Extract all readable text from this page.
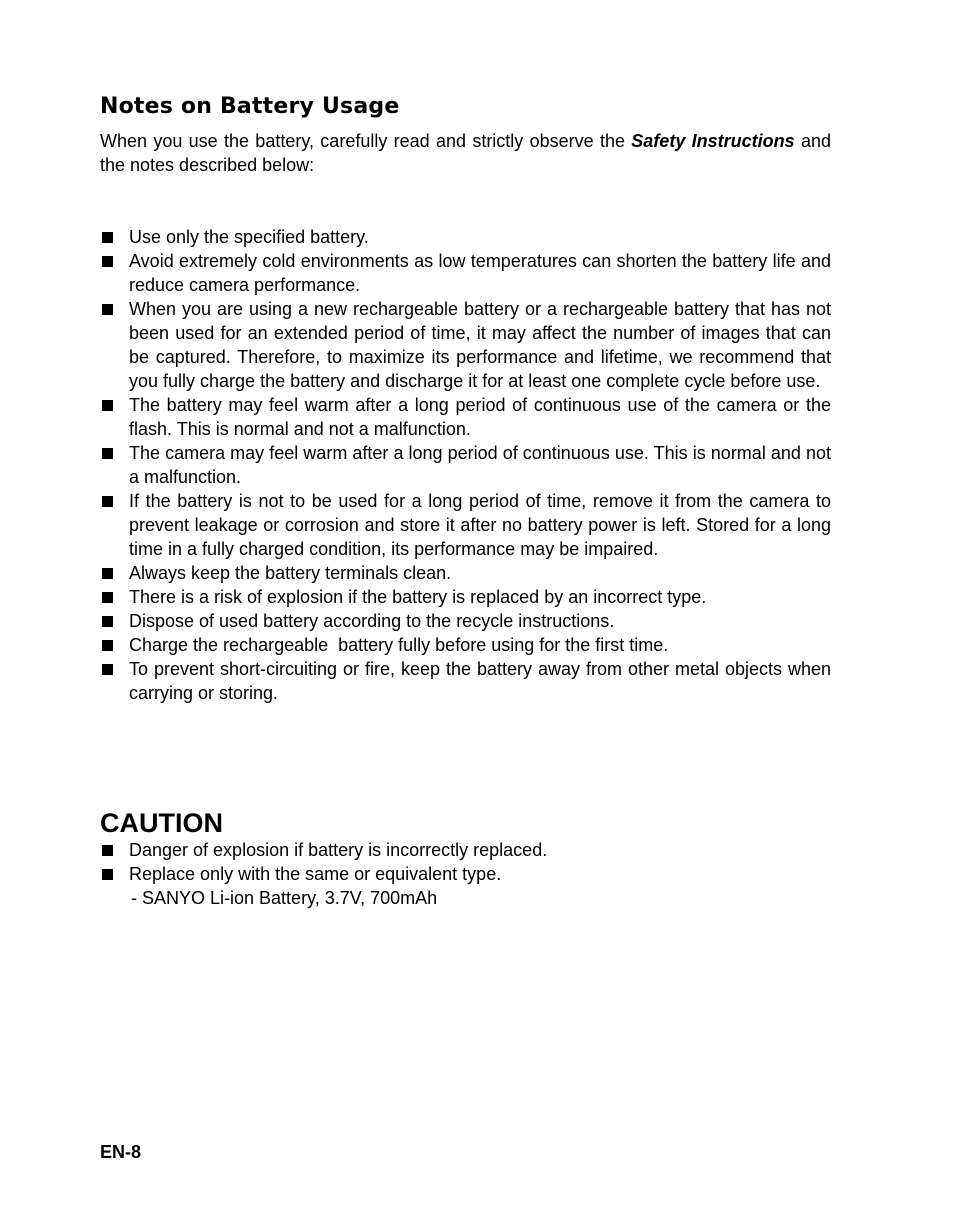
Notes on Battery Usage

When you use the battery, carefully read and strictly observe the Safety Instructions and the notes described below:

Use only the specified battery.
Avoid extremely cold environments as low temperatures can shorten the battery life and reduce camera performance.
When you are using a new rechargeable battery or a rechargeable battery that has not been used for an extended period of time, it may affect the number of images that can be captured. Therefore, to maximize its performance and lifetime, we recommend that you fully charge the battery and discharge it for at least one complete cycle before use.
The battery may feel warm after a long period of continuous use of the camera or the flash. This is normal and not a malfunction.
The camera may feel warm after a long period of continuous use. This is normal and not a malfunction.
If the battery is not to be used for a long period of time, remove it from the camera to prevent leakage or corrosion and store it after no battery power is left. Stored for a long time in a fully charged condition, its performance may be impaired.
Always keep the battery terminals clean.
There is a risk of explosion if the battery is replaced by an incorrect type.
Dispose of used battery according to the recycle instructions.
Charge the rechargeable  battery fully before using for the first time.
To prevent short-circuiting or fire, keep the battery away from other metal objects when carrying or storing.
CAUTION
Danger of explosion if battery is incorrectly replaced.
Replace only with the same or equivalent type.
- SANYO Li-ion Battery, 3.7V, 700mAh
EN-8
